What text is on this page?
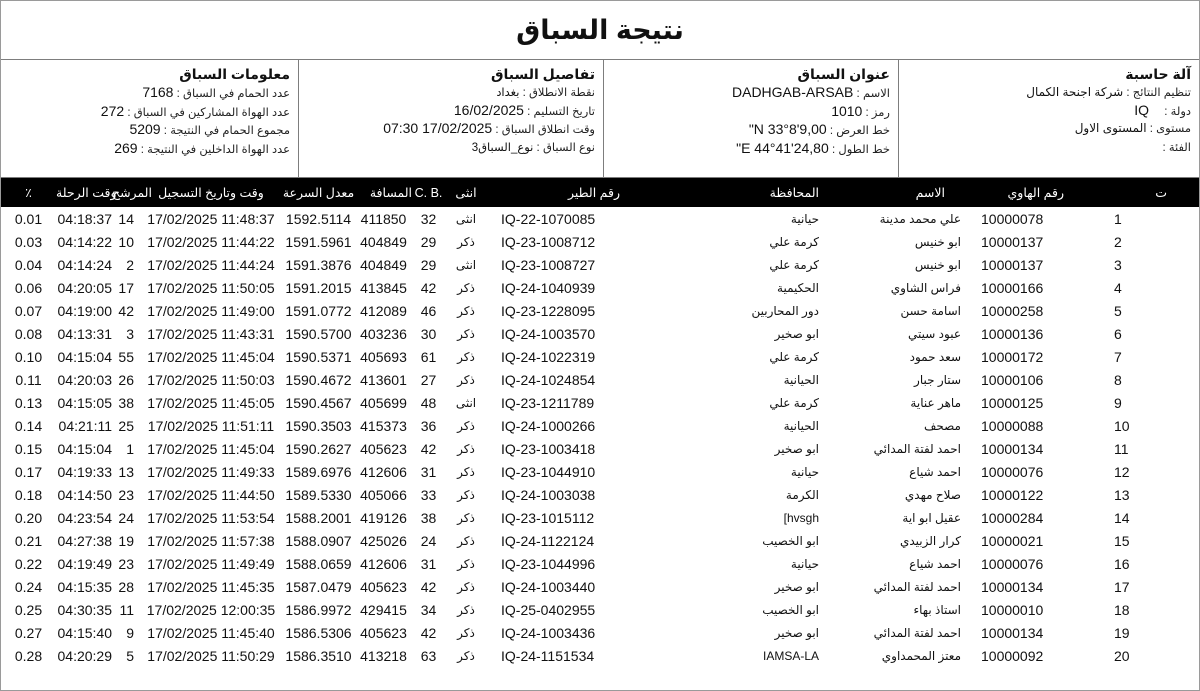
نتيجة السباق
آلة حاسبة
تنظيم النتائج : شركة اجنحة الكمال
دولة : IQ
مستوى : المستوى الاول
الفئة :
عنوان السباق
الاسم : DADHGAB-ARSAB
رمز : 1010
خط العرض : N 33°8'9,00"
خط الطول : E 44°41'24,80"
تفاصيل السباق
نقطة الانطلاق : بغداد
تاريخ التسليم : 16/02/2025
وقت انطلاق السباق : 17/02/2025 07:30
نوع السباق : نوع_السباق3
معلومات السباق
عدد الحمام في السباق : 7168
عدد الهواة المشاركين في السباق : 272
مجموع الحمام في النتيجة : 5209
عدد الهواة الداخلين في النتيجة : 269
٪	وقت الرحلة	المرشح	وقت وتاريخ التسجيل	معدل السرعة	المسافة	C. B.	انثى	رقم الطير	المحافظة	الاسم	رقم الهاوي	ت
0.01	04:18:37	14	17/02/2025 11:48:37	1592.5114	411850	32	انثى	IQ-22-1070085	حيانية	علي محمد مدينة	10000078	1
0.03	04:14:22	10	17/02/2025 11:44:22	1591.5961	404849	29	ذكر	IQ-23-1008712	كرمة علي	ابو خنيس	10000137	2
0.04	04:14:24	2	17/02/2025 11:44:24	1591.3876	404849	29	انثى	IQ-23-1008727	كرمة علي	ابو خنيس	10000137	3
0.06	04:20:05	17	17/02/2025 11:50:05	1591.2015	413845	42	ذكر	IQ-24-1040939	الحكيمية	فراس الشاوي	10000166	4
0.07	04:19:00	42	17/02/2025 11:49:00	1591.0772	412089	46	ذكر	IQ-23-1228095	دور المحاربين	اسامة حسن	10000258	5
0.08	04:13:31	3	17/02/2025 11:43:31	1590.5700	403236	30	ذكر	IQ-24-1003570	ابو صخير	عبود سيتي	10000136	6
0.10	04:15:04	55	17/02/2025 11:45:04	1590.5371	405693	61	ذكر	IQ-24-1022319	كرمة علي	سعد حمود	10000172	7
0.11	04:20:03	26	17/02/2025 11:50:03	1590.4672	413601	27	ذكر	IQ-24-1024854	الحيانية	ستار جبار	10000106	8
0.13	04:15:05	38	17/02/2025 11:45:05	1590.4567	405699	48	انثى	IQ-23-1211789	كرمة علي	ماهر عناية	10000125	9
0.14	04:21:11	25	17/02/2025 11:51:11	1590.3503	415373	36	ذكر	IQ-24-1000266	الحيانية	مصحف	10000088	10
0.15	04:15:04	1	17/02/2025 11:45:04	1590.2627	405623	42	ذكر	IQ-23-1003418	ابو صخير	احمد لفتة المدائي	10000134	11
0.17	04:19:33	13	17/02/2025 11:49:33	1589.6976	412606	31	ذكر	IQ-23-1044910	حيانية	احمد شياع	10000076	12
0.18	04:14:50	23	17/02/2025 11:44:50	1589.5330	405066	33	ذكر	IQ-24-1003038	الكرمة	صلاح مهدي	10000122	13
0.20	04:23:54	24	17/02/2025 11:53:54	1588.2001	419126	38	ذكر	IQ-23-1015112	[hvsgh	عقيل ابو اية	10000284	14
0.21	04:27:38	19	17/02/2025 11:57:38	1588.0907	425026	24	ذكر	IQ-24-1122124	ابو الخصيب	كرار الزبيدي	10000021	15
0.22	04:19:49	23	17/02/2025 11:49:49	1588.0659	412606	31	ذكر	IQ-23-1044996	حيانية	احمد شياع	10000076	16
0.24	04:15:35	28	17/02/2025 11:45:35	1587.0479	405623	42	ذكر	IQ-24-1003440	ابو صخير	احمد لفتة المدائي	10000134	17
0.25	04:30:35	11	17/02/2025 12:00:35	1586.9972	429415	34	ذكر	IQ-25-0402955	ابو الخصيب	استاذ بهاء	10000010	18
0.27	04:15:40	9	17/02/2025 11:45:40	1586.5306	405623	42	ذكر	IQ-24-1003436	ابو صخير	احمد لفتة المدائي	10000134	19
0.28	04:20:29	5	17/02/2025 11:50:29	1586.3510	413218	63	ذكر	IQ-24-1151534	IAMSA-LA	معتز المحمداوي	10000092	20
